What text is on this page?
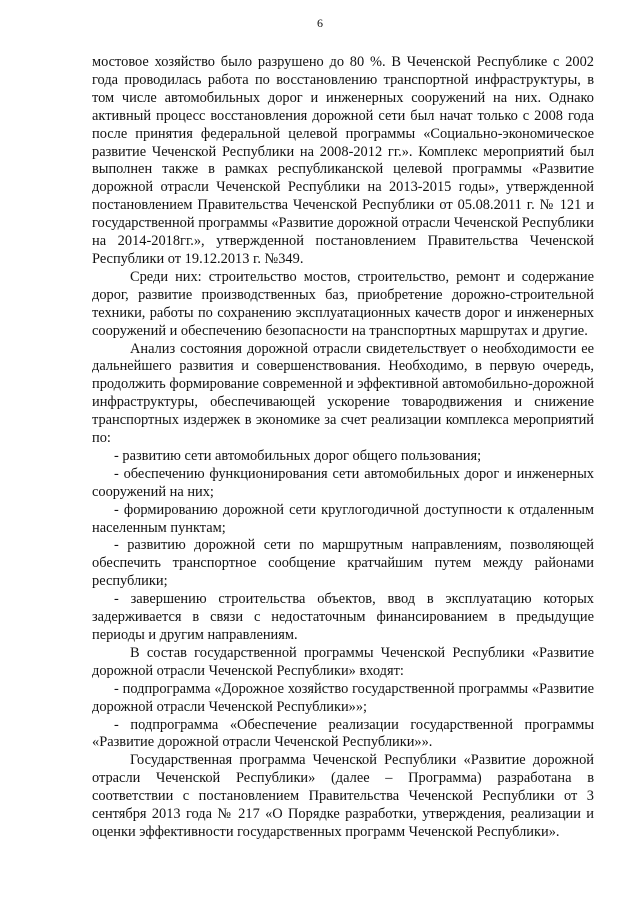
6

мостовое хозяйство было разрушено до 80 %. В Чеченской Республике с 2002 года проводилась работа по восстановлению транспортной инфраструктуры, в том числе автомобильных дорог и инженерных сооружений на них. Однако активный процесс восстановления дорожной сети был начат только с 2008 года после принятия федеральной целевой программы «Социально-экономическое развитие Чеченской Республики на 2008-2012 гг.». Комплекс мероприятий был выполнен также в рамках республиканской целевой программы «Развитие дорожной отрасли Чеченской Республики на 2013-2015 годы», утвержденной постановлением Правительства Чеченской Республики от 05.08.2011 г. № 121 и государственной программы «Развитие дорожной отрасли Чеченской Республики на 2014-2018гг.», утвержденной постановлением Правительства Чеченской Республики от 19.12.2013 г. №349.

Среди них: строительство мостов, строительство, ремонт и содержание дорог, развитие производственных баз, приобретение дорожно-строительной техники, работы по сохранению эксплуатационных качеств дорог и инженерных сооружений и обеспечению безопасности на транспортных маршрутах и другие.

Анализ состояния дорожной отрасли свидетельствует о необходимости ее дальнейшего развития и совершенствования. Необходимо, в первую очередь, продолжить формирование современной и эффективной автомобильно-дорожной инфраструктуры, обеспечивающей ускорение товародвижения и снижение транспортных издержек в экономике за счет реализации комплекса мероприятий по:

- развитию сети автомобильных дорог общего пользования;

- обеспечению функционирования сети автомобильных дорог и инженерных сооружений на них;

- формированию дорожной сети круглогодичной доступности к отдаленным населенным пунктам;

- развитию дорожной сети по маршрутным направлениям, позволяющей обеспечить транспортное сообщение кратчайшим путем между районами республики;

- завершению строительства объектов, ввод в эксплуатацию которых задерживается в связи с недостаточным финансированием в предыдущие периоды и другим направлениям.

В состав государственной программы Чеченской Республики «Развитие дорожной отрасли Чеченской Республики» входят:

- подпрограмма «Дорожное хозяйство государственной программы «Развитие дорожной отрасли Чеченской Республики»»;

- подпрограмма «Обеспечение реализации государственной программы «Развитие дорожной отрасли Чеченской Республики»».

Государственная программа Чеченской Республики «Развитие дорожной отрасли Чеченской Республики» (далее – Программа) разработана в соответствии с постановлением Правительства Чеченской Республики от 3 сентября 2013 года № 217 «О Порядке разработки, утверждения, реализации и оценки эффективности государственных программ Чеченской Республики».
